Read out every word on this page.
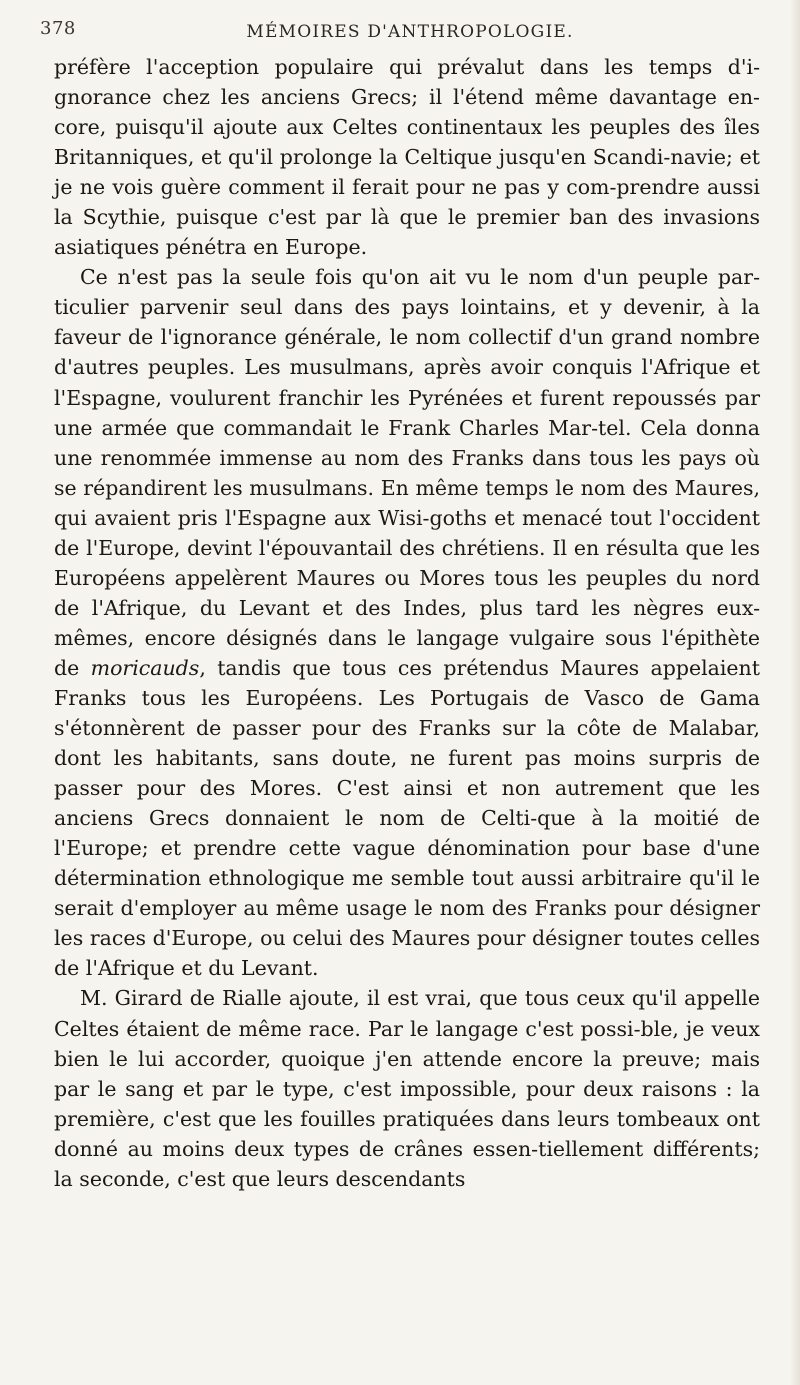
378	MÉMOIRES D'ANTHROPOLOGIE.

préfère l'acception populaire qui prévalut dans les temps d'i-gnorance chez les anciens Grecs; il l'étend même davantage en-core, puisqu'il ajoute aux Celtes continentaux les peuples des îles Britanniques, et qu'il prolonge la Celtique jusqu'en Scandi-navie; et je ne vois guère comment il ferait pour ne pas y com-prendre aussi la Scythie, puisque c'est par là que le premier ban des invasions asiatiques pénétra en Europe.

Ce n'est pas la seule fois qu'on ait vu le nom d'un peuple par-ticulier parvenir seul dans des pays lointains, et y devenir, à la faveur de l'ignorance générale, le nom collectif d'un grand nombre d'autres peuples. Les musulmans, après avoir conquis l'Afrique et l'Espagne, voulurent franchir les Pyrénées et furent repoussés par une armée que commandait le Frank Charles Mar-tel. Cela donna une renommée immense au nom des Franks dans tous les pays où se répandirent les musulmans. En même temps le nom des Maures, qui avaient pris l'Espagne aux Wisi-goths et menacé tout l'occident de l'Europe, devint l'épouvantail des chrétiens. Il en résulta que les Européens appelèrent Maures ou Mores tous les peuples du nord de l'Afrique, du Levant et des Indes, plus tard les nègres eux-mêmes, encore désignés dans le langage vulgaire sous l'épithète de moricauds, tandis que tous ces prétendus Maures appelaient Franks tous les Européens. Les Portugais de Vasco de Gama s'étonnèrent de passer pour des Franks sur la côte de Malabar, dont les habitants, sans doute, ne furent pas moins surpris de passer pour des Mores. C'est ainsi et non autrement que les anciens Grecs donnaient le nom de Celti-que à la moitié de l'Europe; et prendre cette vague dénomination pour base d'une détermination ethnologique me semble tout aussi arbitraire qu'il le serait d'employer au même usage le nom des Franks pour désigner les races d'Europe, ou celui des Maures pour désigner toutes celles de l'Afrique et du Levant.

M. Girard de Rialle ajoute, il est vrai, que tous ceux qu'il appelle Celtes étaient de même race. Par le langage c'est possi-ble, je veux bien le lui accorder, quoique j'en attende encore la preuve; mais par le sang et par le type, c'est impossible, pour deux raisons : la première, c'est que les fouilles pratiquées dans leurs tombeaux ont donné au moins deux types de crânes essen-tiellement différents; la seconde, c'est que leurs descendants
